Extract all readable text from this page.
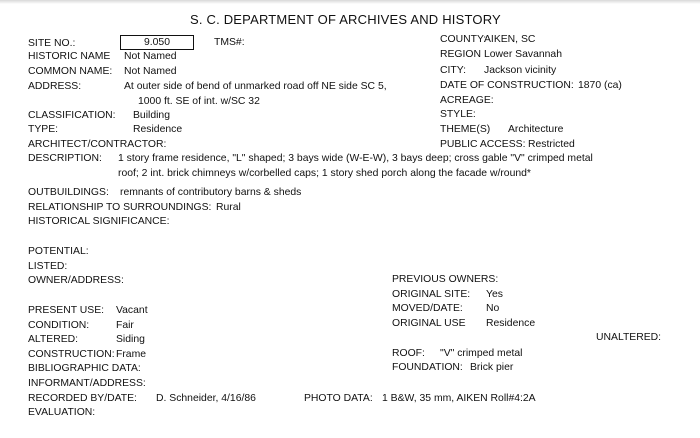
S. C. DEPARTMENT OF ARCHIVES AND HISTORY
SITE NO.:	9.050	TMS#:
HISTORIC NAME Not Named
COMMON NAME: Not Named
ADDRESS:	At outer side of bend of unmarked road off NE side SC 5,
1000 ft. SE of int. w/SC 32
CLASSIFICATION: Building
TYPE:	Residence
ARCHITECT/CONTRACTOR:
COUNTY:
AIKEN, SC
REGION Lower Savannah
CITY: Jackson vicinity
DATE OF CONSTRUCTION: 1870 (ca)
ACREAGE:
STYLE:
THEME(S) Architecture
PUBLIC ACCESS: Restricted
DESCRIPTION: 1 story frame residence, "L" shaped; 3 bays wide (W-E-W), 3 bays deep; cross gable "V" crimped metal
roof; 2 int. brick chimneys w/corbelled caps; 1 story shed porch along the facade w/round*
OUTBUILDINGS: remnants of contributory barns & sheds
RELATIONSHIP TO SURROUNDINGS: Rural
HISTORICAL SIGNIFICANCE:
POTENTIAL:
LISTED:
OWNER/ADDRESS:	PREVIOUS OWNERS:
ORIGINAL SITE: Yes
MOVED/DATE: No
ORIGINAL USE Residence
UNALTERED:
PRESENT USE: Vacant
CONDITION:	Fair
ALTERED:	Siding
CONSTRUCTION: Frame	ROOF: "V" crimped metal
FOUNDATION: Brick pier
BIBLIOGRAPHIC DATA:
INFORMANT/ADDRESS:
RECORDED BY/DATE: D. Schneider, 4/16/86	PHOTO DATA: 1 B&W, 35 mm, AIKEN Roll#4:2A
EVALUATION:
